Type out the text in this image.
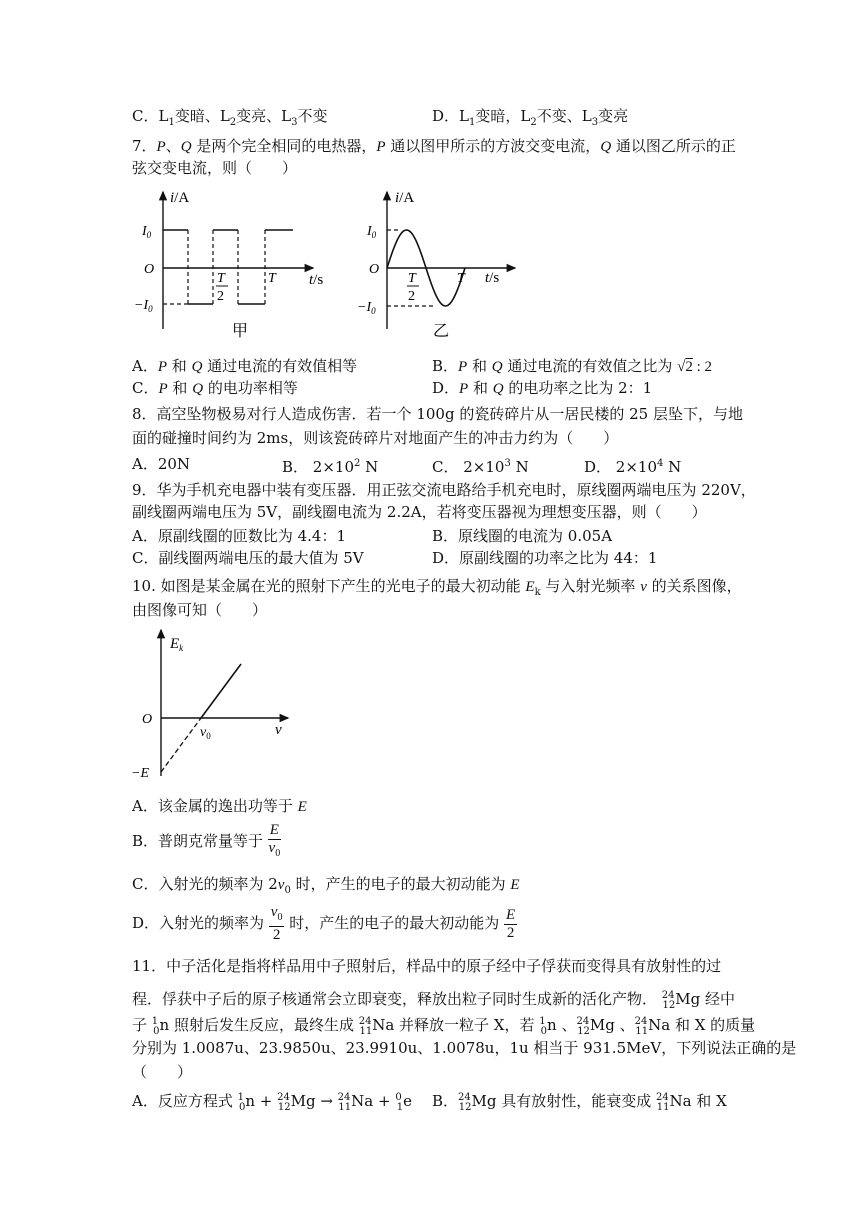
C．$L_1$变暗、$L_2$变亮、$L_3$不变	D．$L_1$变暗，$L_2$不变、$L_3$变亮
7．P、Q 是两个完全相同的电热器，P 通以图甲所示的方波交变电流，Q 通以图乙所示的正
弦交变电流，则（　　）
i/A
$I_0$
O
$-I_0$
T
2
T t/s
甲
i/A
$I_0$
O
$-I_0$
T
2
T t/s
乙
A．P 和 Q 通过电流的有效值相等	B．P 和 Q 通过电流的有效值之比为 √2 : 2
C．P 和 Q 的电功率相等	D．P 和 Q 的电功率之比为 2：1
8．高空坠物极易对行人造成伤害．若一个 100g 的瓷砖碎片从一居民楼的 25 层坠下，与地
面的碰撞时间约为 2ms，则该瓷砖碎片对地面产生的冲击力约为（　　）
A．20N	B． $2\times 10^2$ N	C． $2\times 10^3$ N	D． $2\times 10^4$ N
9．华为手机充电器中装有变压器．用正弦交流电路给手机充电时，原线圈两端电压为 220V，
副线圈两端电压为 5V，副线圈电流为 2.2A，若将变压器视为理想变压器，则（　　）
A．原副线圈的匝数比为 4.4：1	B．原线圈的电流为 0.05A
C．副线圈两端电压的最大值为 5V	D．原副线圈的功率之比为 44：1
10. 如图是某金属在光的照射下产生的光电子的最大初动能 $E_k$ 与入射光频率 ν 的关系图像，
由图像可知（　　）
$E_k$
O
$\nu_0$	ν
−E
A．该金属的逸出功等于 E
B．普朗克常量等于 $\frac{E}{\nu_0}$
C．入射光的频率为 $2\nu_0$ 时，产生的电子的最大初动能为 E
D．入射光的频率为 $\frac{\nu_0}{2}$ 时，产生的电子的最大初动能为 $\frac{E}{2}$
11．中子活化是指将样品用中子照射后，样品中的原子经中子俘获而变得具有放射性的过
程．俘获中子后的原子核通常会立即衰变，释放出粒子同时生成新的活化产物． $^{24}_{12}$Mg 经中
子 $^1_0$n 照射后发生反应，最终生成 $^{24}_{11}$Na 并释放一粒子 X，若 $^1_0$n 、$^{24}_{12}$Mg 、$^{24}_{11}$Na 和 X 的质量
分别为 1.0087u、23.9850u、23.9910u、1.0078u，1u 相当于 931.5MeV，下列说法正确的是
（　　）
A．反应方程式 $^1_0$n + $^{24}_{12}$Mg → $^{24}_{11}$Na + $^0_1$e B．$^{24}_{12}$Mg 具有放射性，能衰变成 $^{24}_{11}$Na 和 X
